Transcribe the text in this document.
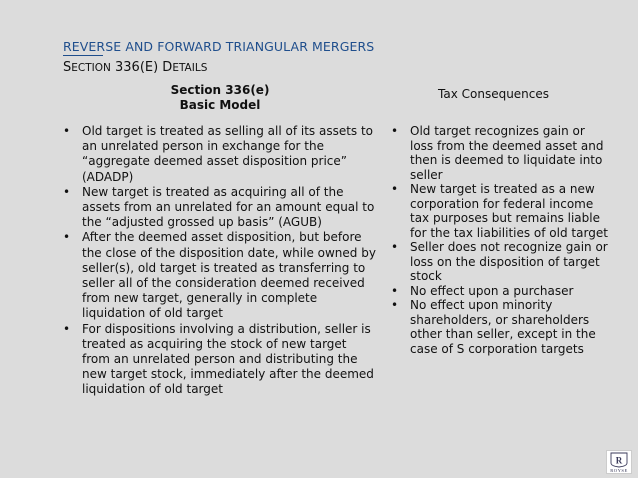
REVERSE AND FORWARD TRIANGULAR MERGERS
SECTION 336(E) DETAILS
Section 336(e)
Basic Model
Tax Consequences
• Old target is treated as selling all of its assets to an unrelated person in exchange for the “aggregate deemed asset disposition price” (ADADP)
• New target is treated as acquiring all of the assets from an unrelated for an amount equal to the “adjusted grossed up basis” (AGUB)
• After the deemed asset disposition, but before the close of the disposition date, while owned by seller(s), old target is treated as transferring to seller all of the consideration deemed received from new target, generally in complete liquidation of old target
• For dispositions involving a distribution, seller is treated as acquiring the stock of new target from an unrelated person and distributing the new target stock, immediately after the deemed liquidation of old target
• Old target recognizes gain or loss from the deemed asset and then is deemed to liquidate into seller
• New target is treated as a new corporation for federal income tax purposes but remains liable for the tax liabilities of old target
• Seller does not recognize gain or loss on the disposition of target stock
• No effect upon a purchaser
• No effect upon minority shareholders, or shareholders other than seller, except in the case of S corporation targets
R
ROYSE
